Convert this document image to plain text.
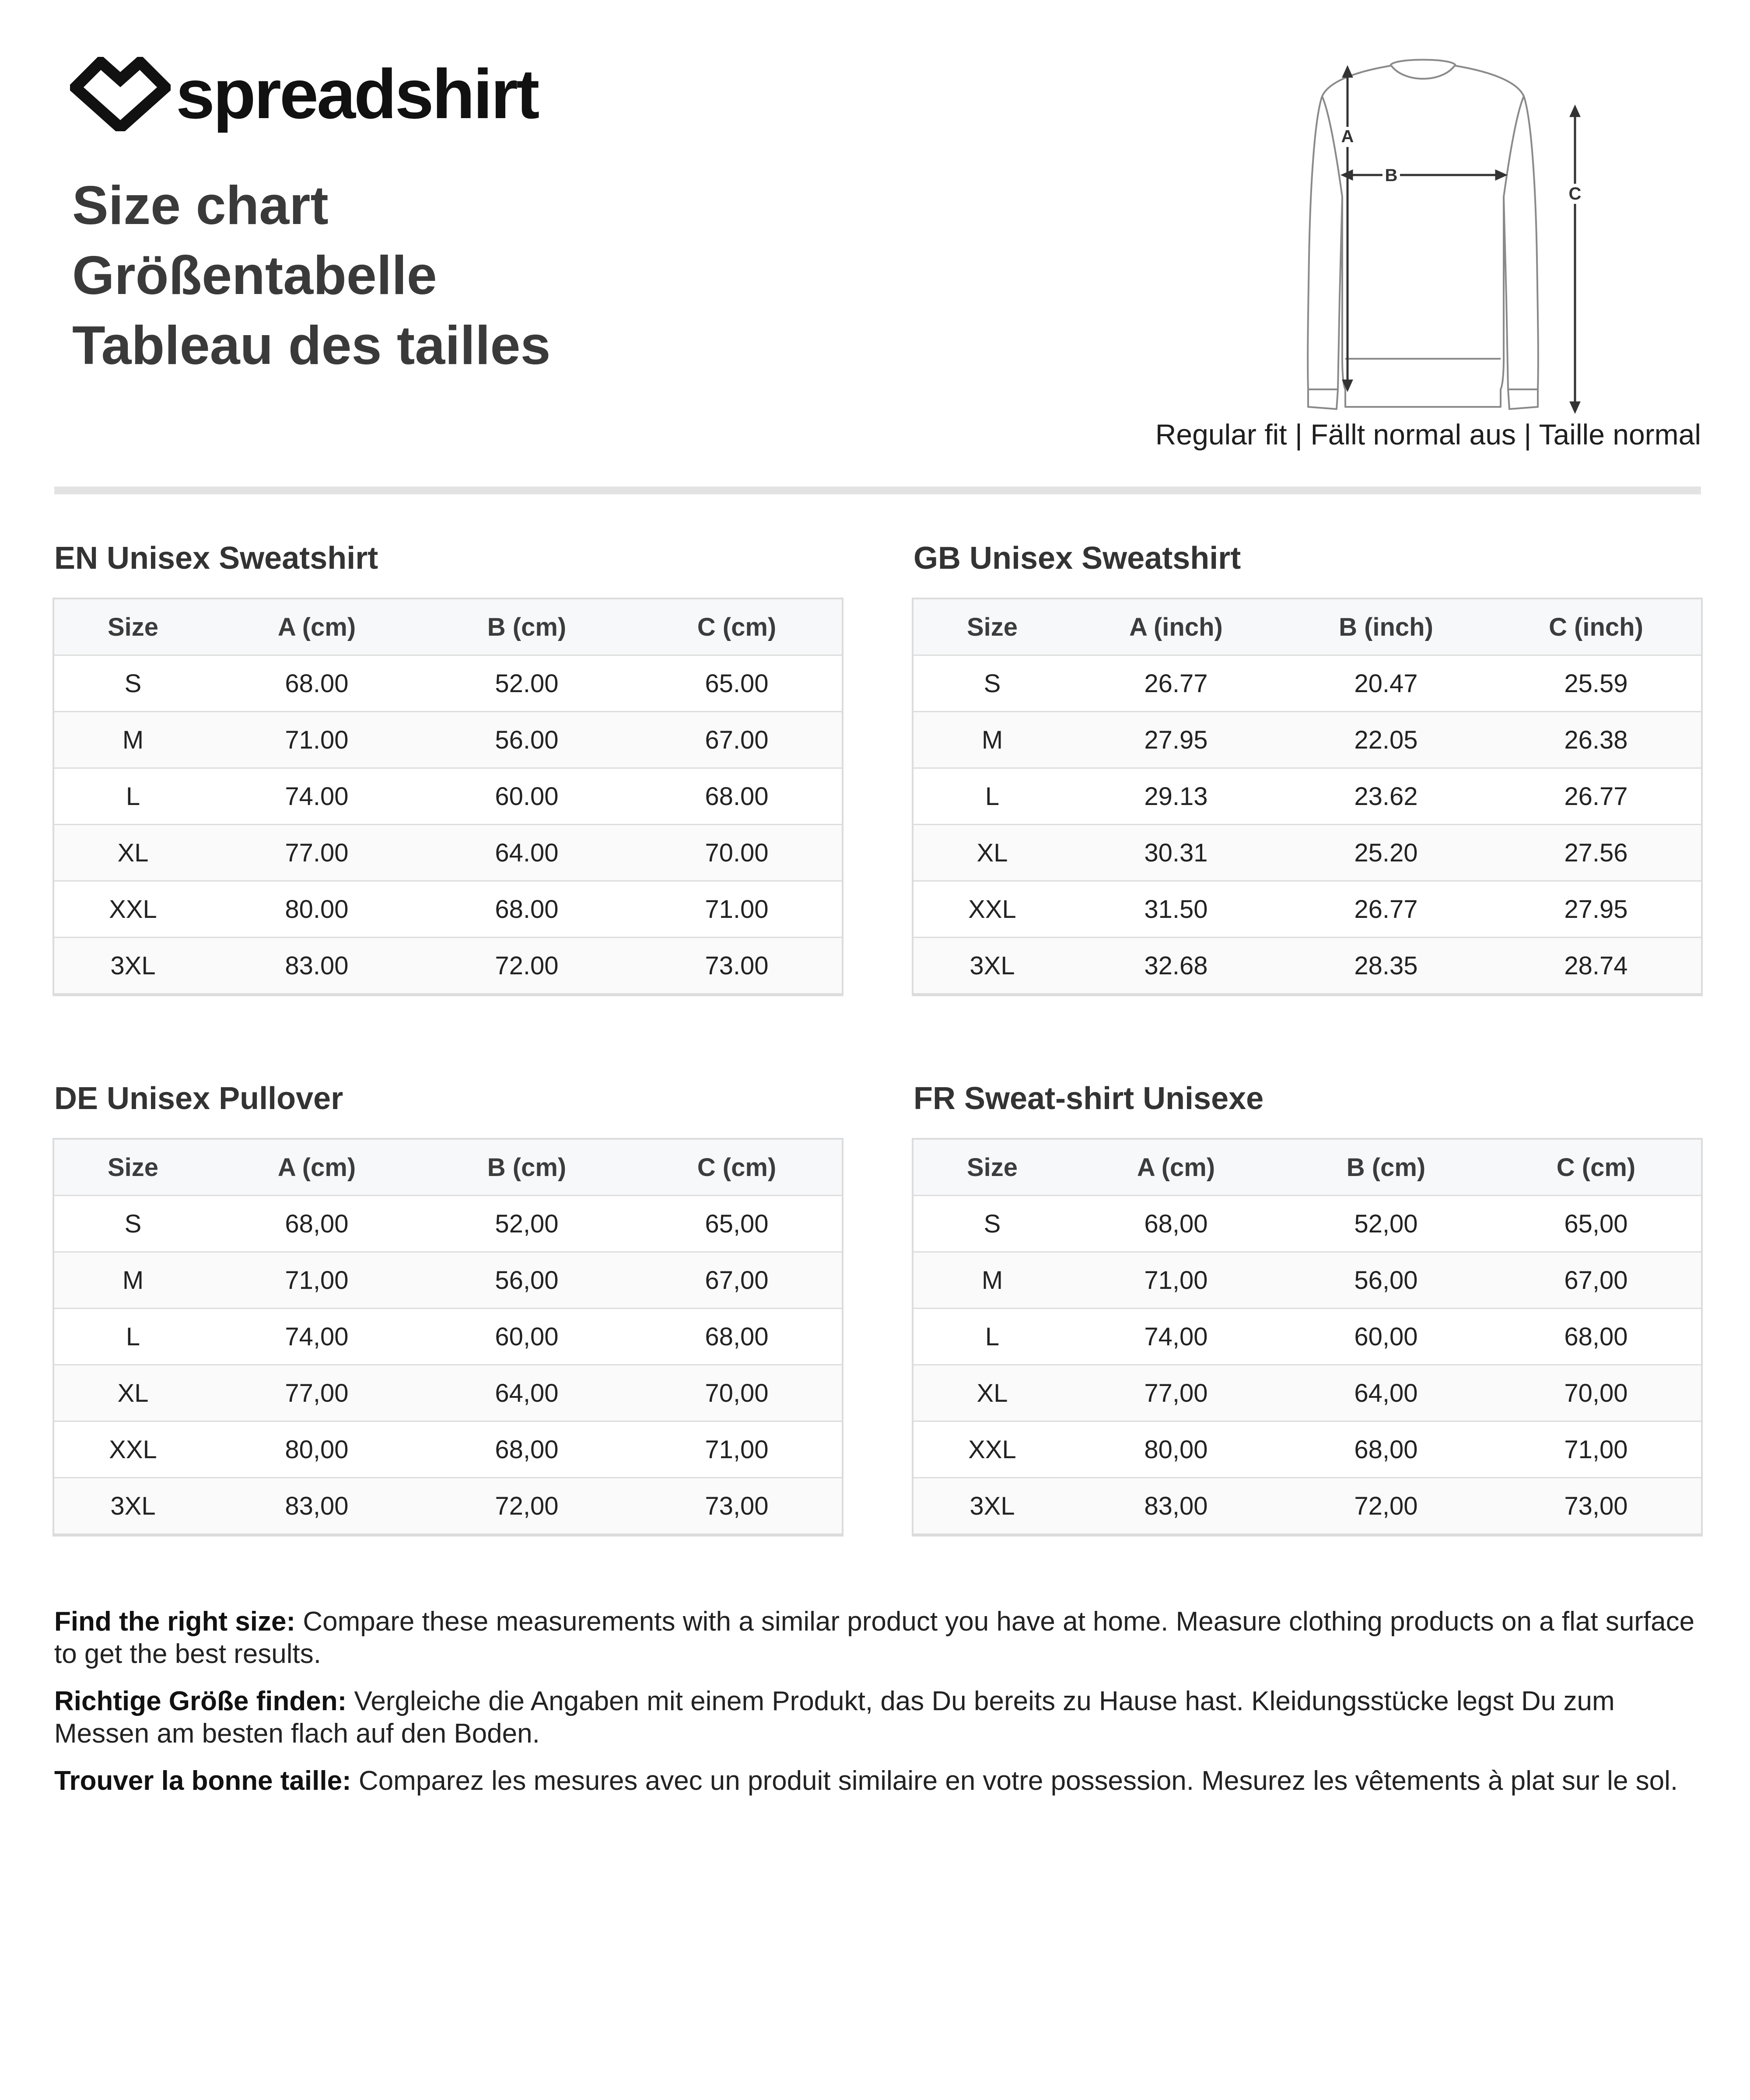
spreadshirt
Size chart
Größentabelle
Tableau des tailles
A
B
C
Regular fit | Fällt normal aus | Taille normal
EN Unisex Sweatshirt
Size	A (cm)	B (cm)	C (cm)
S	68.00	52.00	65.00
M	71.00	56.00	67.00
L	74.00	60.00	68.00
XL	77.00	64.00	70.00
XXL	80.00	68.00	71.00
3XL	83.00	72.00	73.00
GB Unisex Sweatshirt
Size	A (inch)	B (inch)	C (inch)
S	26.77	20.47	25.59
M	27.95	22.05	26.38
L	29.13	23.62	26.77
XL	30.31	25.20	27.56
XXL	31.50	26.77	27.95
3XL	32.68	28.35	28.74
DE Unisex Pullover
Size	A (cm)	B (cm)	C (cm)
S	68,00	52,00	65,00
M	71,00	56,00	67,00
L	74,00	60,00	68,00
XL	77,00	64,00	70,00
XXL	80,00	68,00	71,00
3XL	83,00	72,00	73,00
FR Sweat-shirt Unisexe
Size	A (cm)	B (cm)	C (cm)
S	68,00	52,00	65,00
M	71,00	56,00	67,00
L	74,00	60,00	68,00
XL	77,00	64,00	70,00
XXL	80,00	68,00	71,00
3XL	83,00	72,00	73,00

Find the right size: Compare these measurements with a similar product you have at home. Measure clothing products on a flat surface to get the best results.

Richtige Größe finden: Vergleiche die Angaben mit einem Produkt, das Du bereits zu Hause hast. Kleidungsstücke legst Du zum Messen am besten flach auf den Boden.

Trouver la bonne taille: Comparez les mesures avec un produit similaire en votre possession. Mesurez les vêtements à plat sur le sol.
